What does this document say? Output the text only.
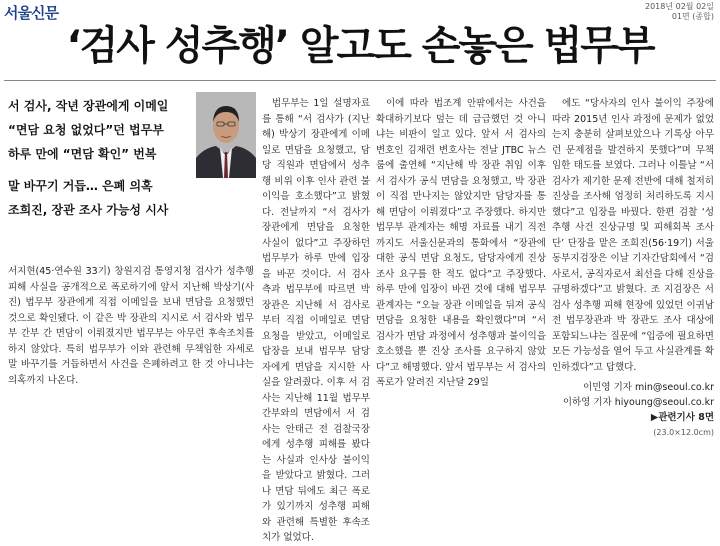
서울신문	2018년 02월 02일
01면 (종합)
‘검사 성추행’ 알고도 손놓은 법무부
서 검사, 작년 장관에게 이메일
“면담 요청 없었다”던 법무부
하루 만에 “면담 확인” 번복
말 바꾸기 거듭… 은폐 의혹
조희진, 장관 조사 가능성 시사

서지현(45·연수원 33기) 창원지검 통영지청 검사가 성추행 피해 사실을 공개적으로 폭로하기에 앞서 지난해 박상기(사진) 법무부 장관에게 직접 이메일을 보내 면담을 요청했던 것으로 확인됐다. 이 같은 박 장관의 지시로 서 검사와 법무부 간부 간 면담이 이뤄졌지만 법무부는 아무런 후속조치를 하지 않았다. 특히 법무부가 이와 관련해 무책임한 자세로 말 바꾸기를 거듭하면서 사건을 은폐하려고 한 것 아니냐는 의혹까지 나온다.

법무부는 1일 설명자료를 통해 “서 검사가 (지난해) 박상기 장관에게 이메일로 면담을 요청했고, 담당 직원과 면담에서 성추행 비위 이후 인사 관련 불이익을 호소했다”고 밝혔다. 전날까지 “서 검사가 장관에게 면담을 요청한 사실이 없다”고 주장하던 법무부가 하루 만에 입장을 바꾼 것이다. 서 검사 측과 법무부에 따르면 박 장관은 지난해 서 검사로부터 직접 이메일로 면담 요청을 받았고, 이메일로 답장을 보내 법무부 담당자에게 면담을 지시한 사실을 알려줬다. 이후 서 검사는 지난해 11월 법무부 간부와의 면담에서 서 검사는 안태근 전 검찰국장에게 성추행 피해를 봤다는 사실과 인사상 불이익을 받았다고 밝혔다. 그러나 면담 뒤에도 최근 폭로가 있기까지 성추행 피해와 관련해 특별한 후속조치가 없었다.

이에 따라 법조계 안팎에서는 사건을 확대하기보다 덮는 데 급급했던 것 아니냐는 비판이 일고 있다. 앞서 서 검사의 변호인 김재련 변호사는 전날 JTBC 뉴스룸에 출연해 “지난해 박 장관 취임 이후 서 검사가 공식 면담을 요청했고, 박 장관이 직접 만나지는 않았지만 담당자를 통해 면담이 이뤄졌다”고 주장했다. 하지만 법무부 관계자는 해명 자료를 내기 직전까지도 서울신문과의 통화에서 “장관에 대한 공식 면담 요청도, 담당자에게 진상 조사 요구를 한 적도 없다”고 주장했다. 하루 만에 입장이 바뀐 것에 대해 법무부 관계자는 “오늘 장관 이메일을 뒤져 공식 면담을 요청한 내용을 확인했다”며 “서 검사가 면담 과정에서 성추행과 불이익을 호소했을 뿐 진상 조사를 요구하지 않았다”고 해명했다. 앞서 법무부는 서 검사의 폭로가 알려진 지난달 29일

에도 “당사자의 인사 불이익 주장에 따라 2015년 인사 과정에 문제가 없었는지 충분히 살펴보았으나 기록상 아무런 문제점을 발견하지 못했다”며 무책임한 태도를 보였다. 그러나 이틀날 “서 검사가 제기한 문제 전반에 대해 철저히 진상을 조사해 엄정히 처리하도록 지시했다”고 입장을 바꿨다. 한편 검찰 ‘성추행 사건 진상규명 및 피해회복 조사단’ 단장을 맡은 조희진(56·19기) 서울동부지검장은 이날 기자간담회에서 “검사로서, 공직자로서 최선을 다해 진상을 규명하겠다”고 밝혔다. 조 지검장은 서 검사 성추행 피해 현장에 있었던 이귀남 전 법무장관과 박 장관도 조사 대상에 포함되느냐는 질문에 “입증에 필요하면 모든 가능성을 열어 두고 사실관계를 확인하겠다”고 답했다.

이민영 기자 min@seoul.co.kr
이하영 기자 hiyoung@seoul.co.kr
▶관련기사 8면
(23.0×12.0cm)
